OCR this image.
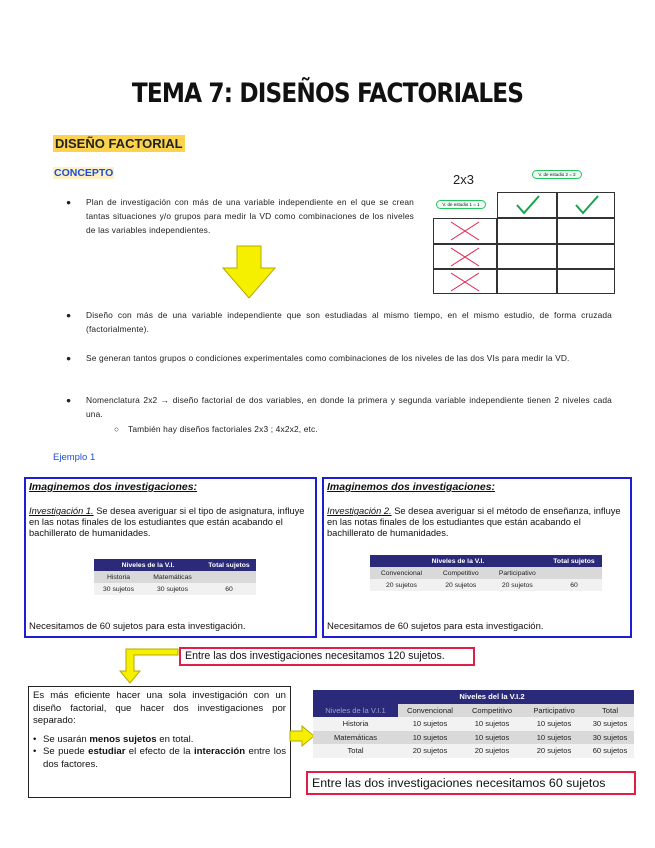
TEMA 7: DISEÑOS FACTORIALES
DISEÑO FACTORIAL
CONCEPTO
● Plan de investigación con más de una variable independiente en el que se crean tantas situaciones y/o grupos para medir la VD como combinaciones de los niveles de las variables independientes.
2x3	V. de estudio 2 = 2
V. de estudio 1 = 1
● Diseño con más de una variable independiente que son estudiadas al mismo tiempo, en el mismo estudio, de forma cruzada (factorialmente).
● Se generan tantos grupos o condiciones experimentales como combinaciones de los niveles de las dos VIs para medir la VD.
● Nomenclatura 2x2 → diseño factorial de dos variables, en donde la primera y segunda variable independiente tienen 2 niveles cada una.
○ También hay diseños factoriales 2x3 ; 4x2x2, etc.
Ejemplo 1
Imaginemos dos investigaciones:
Investigación 1. Se desea averiguar si el tipo de asignatura, influye en las notas finales de los estudiantes que están acabando el bachillerato de humanidades.
Niveles de la V.I.		Total sujetos
Historia	Matemáticas	
30 sujetos	30 sujetos	60
Necesitamos de 60 sujetos para esta investigación.
Imaginemos dos investigaciones:
Investigación 2. Se desea averiguar si el método de enseñanza, influye en las notas finales de los estudiantes que están acabando el bachillerato de humanidades.
Niveles de la V.I.			Total sujetos
Convencional	Competitivo	Participativo	
20 sujetos	20 sujetos	20 sujetos	60
Necesitamos de 60 sujetos para esta investigación.
Entre las dos investigaciones necesitamos 120 sujetos.
Es más eficiente hacer una sola investigación con un diseño factorial, que hacer dos investigaciones por separado:
• Se usarán menos sujetos en total.
• Se puede estudiar el efecto de la interacción entre los dos factores.
	Niveles del la V.I.2			
Niveles de la V.I.1	Convencional	Competitivo	Participativo	Total
Historia	10 sujetos	10 sujetos	10 sujetos	30 sujetos
Matemáticas	10 sujetos	10 sujetos	10 sujetos	30 sujetos
Total	20 sujetos	20 sujetos	20 sujetos	60 sujetos
Entre las dos investigaciones necesitamos 60 sujetos
